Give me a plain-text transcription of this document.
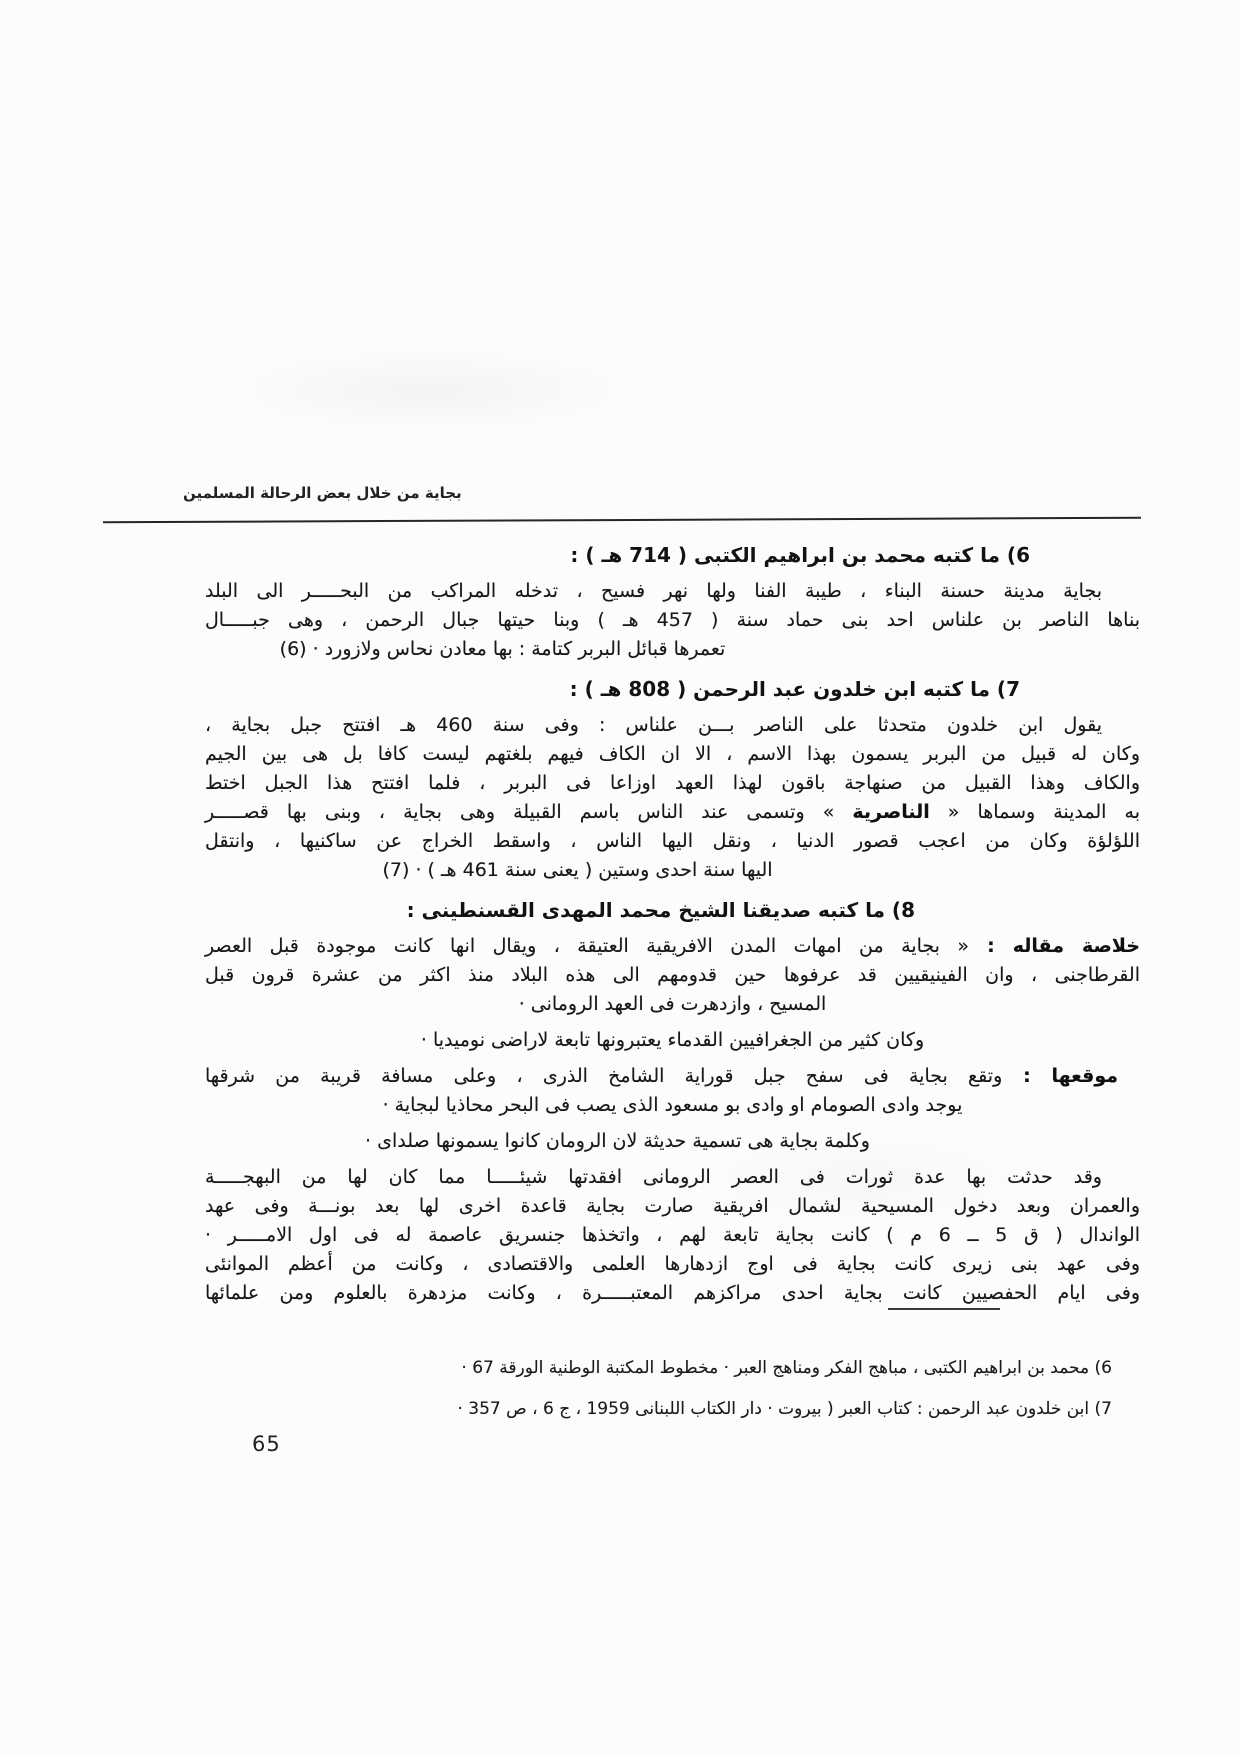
بجاية من خلال بعض الرحالة المسلمين
6) ما كتبه محمد بن ابراهيم الكتبى ( 714 هـ ) :
بجاية مدينة حسنة البناء ، طيبة الفنا ولها نهر فسيح ، تدخله المراكب من البحـــــر الى البلد
بناها الناصر بن علناس احد بنى حماد سنة ( 457 هـ ) وبنا حيتها جبال الرحمن ، وهى جبـــــال
تعمرها قبائل البربر كتامة : بها معادن نحاس ولازورد · (6)
7) ما كتبه ابن خلدون عبد الرحمن ( 808 هـ ) :
يقول ابن خلدون متحدثا على الناصر بـــن علناس : وفى سنة 460 هـ افتتح جبل بجاية ،
وكان له قبيل من البربر يسمون بهذا الاسم ، الا ان الكاف فيهم بلغتهم ليست كافا بل هى بين الجيم
والكاف وهذا القبيل من صنهاجة باقون لهذا العهد اوزاعا فى البربر ، فلما افتتح هذا الجبل اختط
به المدينة وسماها « الناصرية » وتسمى عند الناس باسم القبيلة وهى بجاية ، وبنى بها قصـــــر
اللؤلؤة وكان من اعجب قصور الدنيا ، ونقل اليها الناس ، واسقط الخراج عن ساكنيها ، وانتقل
اليها سنة احدى وستين ( يعنى سنة 461 هـ ) · (7)
8) ما كتبه صديقنا الشيخ محمد المهدى القسنطينى :
خلاصة مقاله : « بجاية من امهات المدن الافريقية العتيقة ، ويقال انها كانت موجودة قبل العصر
القرطاجنى ، وان الفينيقيين قد عرفوها حين قدومهم الى هذه البلاد منذ اكثر من عشرة قرون قبل
المسيح ، وازدهرت فى العهد الرومانى ·
وكان كثير من الجغرافيين القدماء يعتبرونها تابعة لاراضى نوميديا ·
موقعها : وتقع بجاية فى سفح جبل قوراية الشامخ الذرى ، وعلى مسافة قريبة من شرقها
يوجد وادى الصومام او وادى بو مسعود الذى يصب فى البحر محاذيا لبجاية ·
وكلمة بجاية هى تسمية حديثة لان الرومان كانوا يسمونها صلداى ·
وقد حدثت بها عدة ثورات فى العصر الرومانى افقدتها شيئـــــا مما كان لها من البهجـــــة
والعمران وبعد دخول المسيحية لشمال افريقية صارت بجاية قاعدة اخرى لها بعد بونـــة وفى عهد
الواندال ( ق 5 ــ 6 م ) كانت بجاية تابعة لهم ، واتخذها جنسريق عاصمة له فى اول الامـــــر ·
وفى عهد بنى زيرى كانت بجاية فى اوج ازدهارها العلمى والاقتصادى ، وكانت من أعظم الموانئى
وفى ايام الحفصيين كانت بجاية احدى مراكزهم المعتبـــــرة ، وكانت مزدهرة بالعلوم ومن علمائها
6) محمد بن ابراهيم الكتبى ، مباهج الفكر ومناهج العبر · مخطوط المكتبة الوطنية الورقة 67 ·
7) ابن خلدون عبد الرحمن : كتاب العبر ( بيروت · دار الكتاب اللبنانى 1959 ، ج 6 ، ص 357 ·
65
